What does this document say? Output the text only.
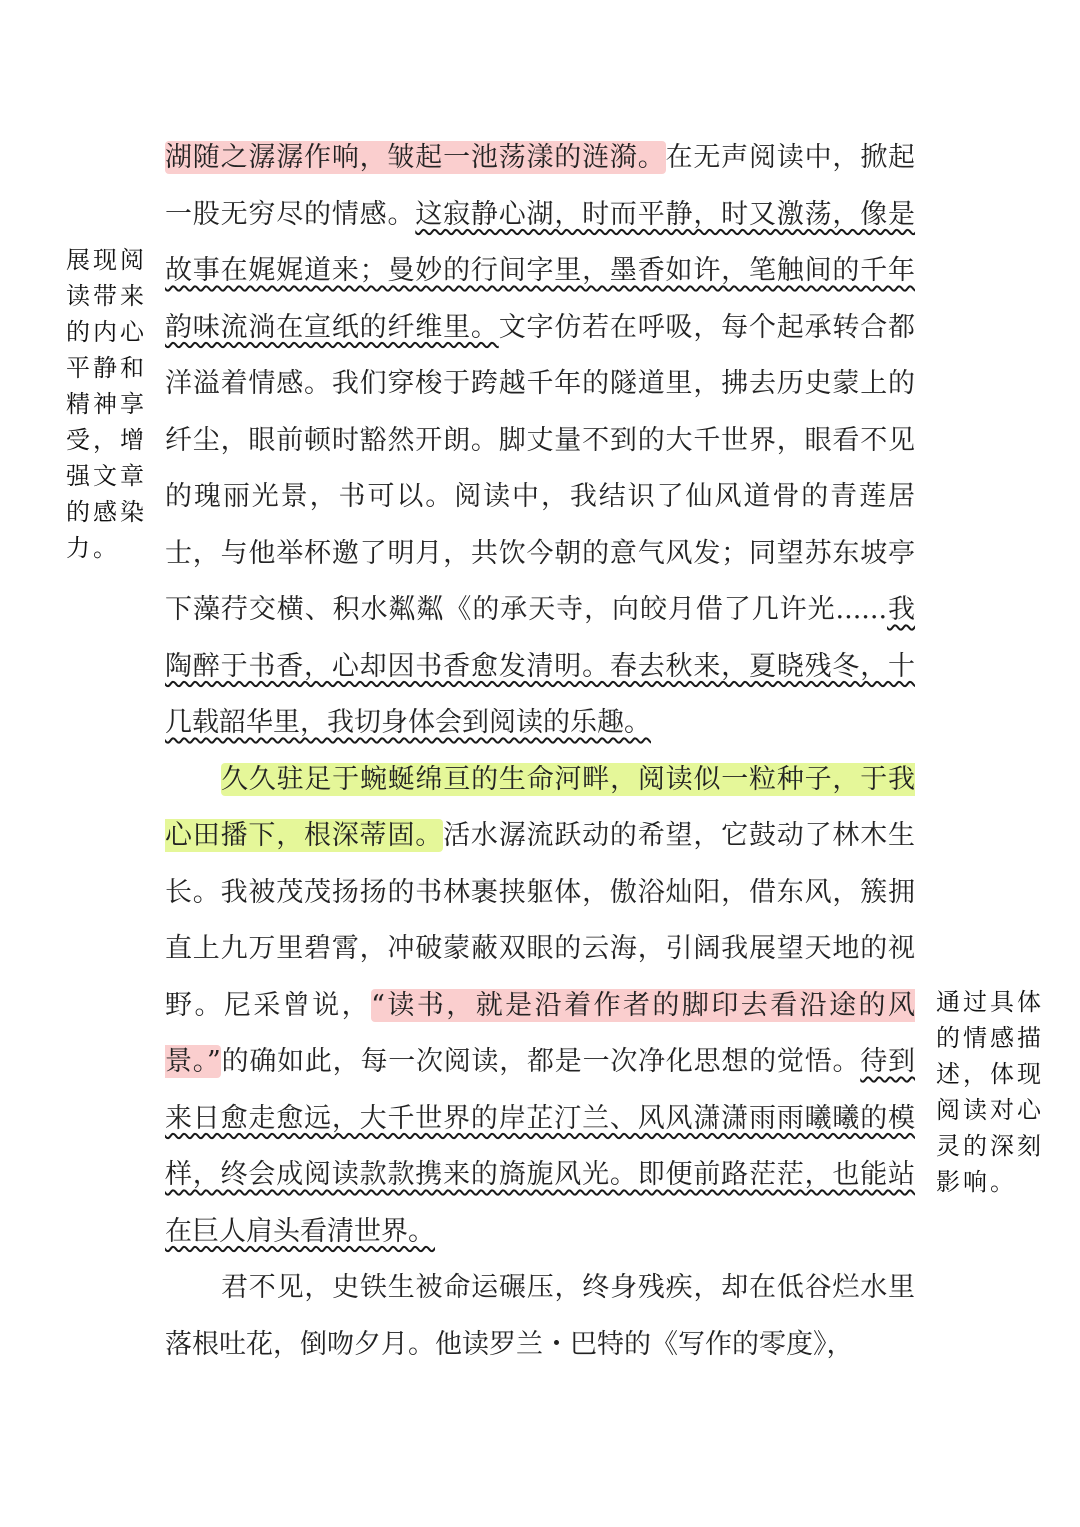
湖随之潺潺作响，皱起一池荡漾的涟漪。在无声阅读中，掀起一股无穷尽的情感。这寂静心湖，时而平静，时又激荡，像是故事在娓娓道来；曼妙的行间字里，墨香如许，笔触间的千年韵味流淌在宣纸的纤维里。文字仿若在呼吸，每个起承转合都洋溢着情感。我们穿梭于跨越千年的隧道里，拂去历史蒙上的纤尘，眼前顿时豁然开朗。脚丈量不到的大千世界，眼看不见的瑰丽光景，书可以。阅读中，我结识了仙风道骨的青莲居士，与他举杯邀了明月，共饮今朝的意气风发；同望苏东坡亭下藻荇交横、积水粼粼《的承天寺，向皎月借了几许光......我陶醉于书香，心却因书香愈发清明。春去秋来，夏晓残冬，十几载韶华里，我切身体会到阅读的乐趣。

久久驻足于蜿蜒绵亘的生命河畔，阅读似一粒种子，于我心田播下，根深蒂固。活水潺流跃动的希望，它鼓动了林木生长。我被茂茂扬扬的书林裹挟躯体，傲浴灿阳，借东风，簇拥直上九万里碧霄，冲破蒙蔽双眼的云海，引阔我展望天地的视野。尼采曾说，“读书，就是沿着作者的脚印去看沿途的风景。”的确如此，每一次阅读，都是一次净化思想的觉悟。待到来日愈走愈远，大千世界的岸芷汀兰、风风潇潇雨雨曦曦的模样，终会成阅读款款携来的旖旎风光。即便前路茫茫，也能站在巨人肩头看清世界。

君不见，史铁生被命运碾压，终身残疾，却在低谷烂水里落根吐花，倒吻夕月。他读罗兰・巴特的《写作的零度》，

展现阅读带来的内心平静和精神享受，增强文章的感染力。
通过具体的情感描述，体现阅读对心灵的深刻影响。
